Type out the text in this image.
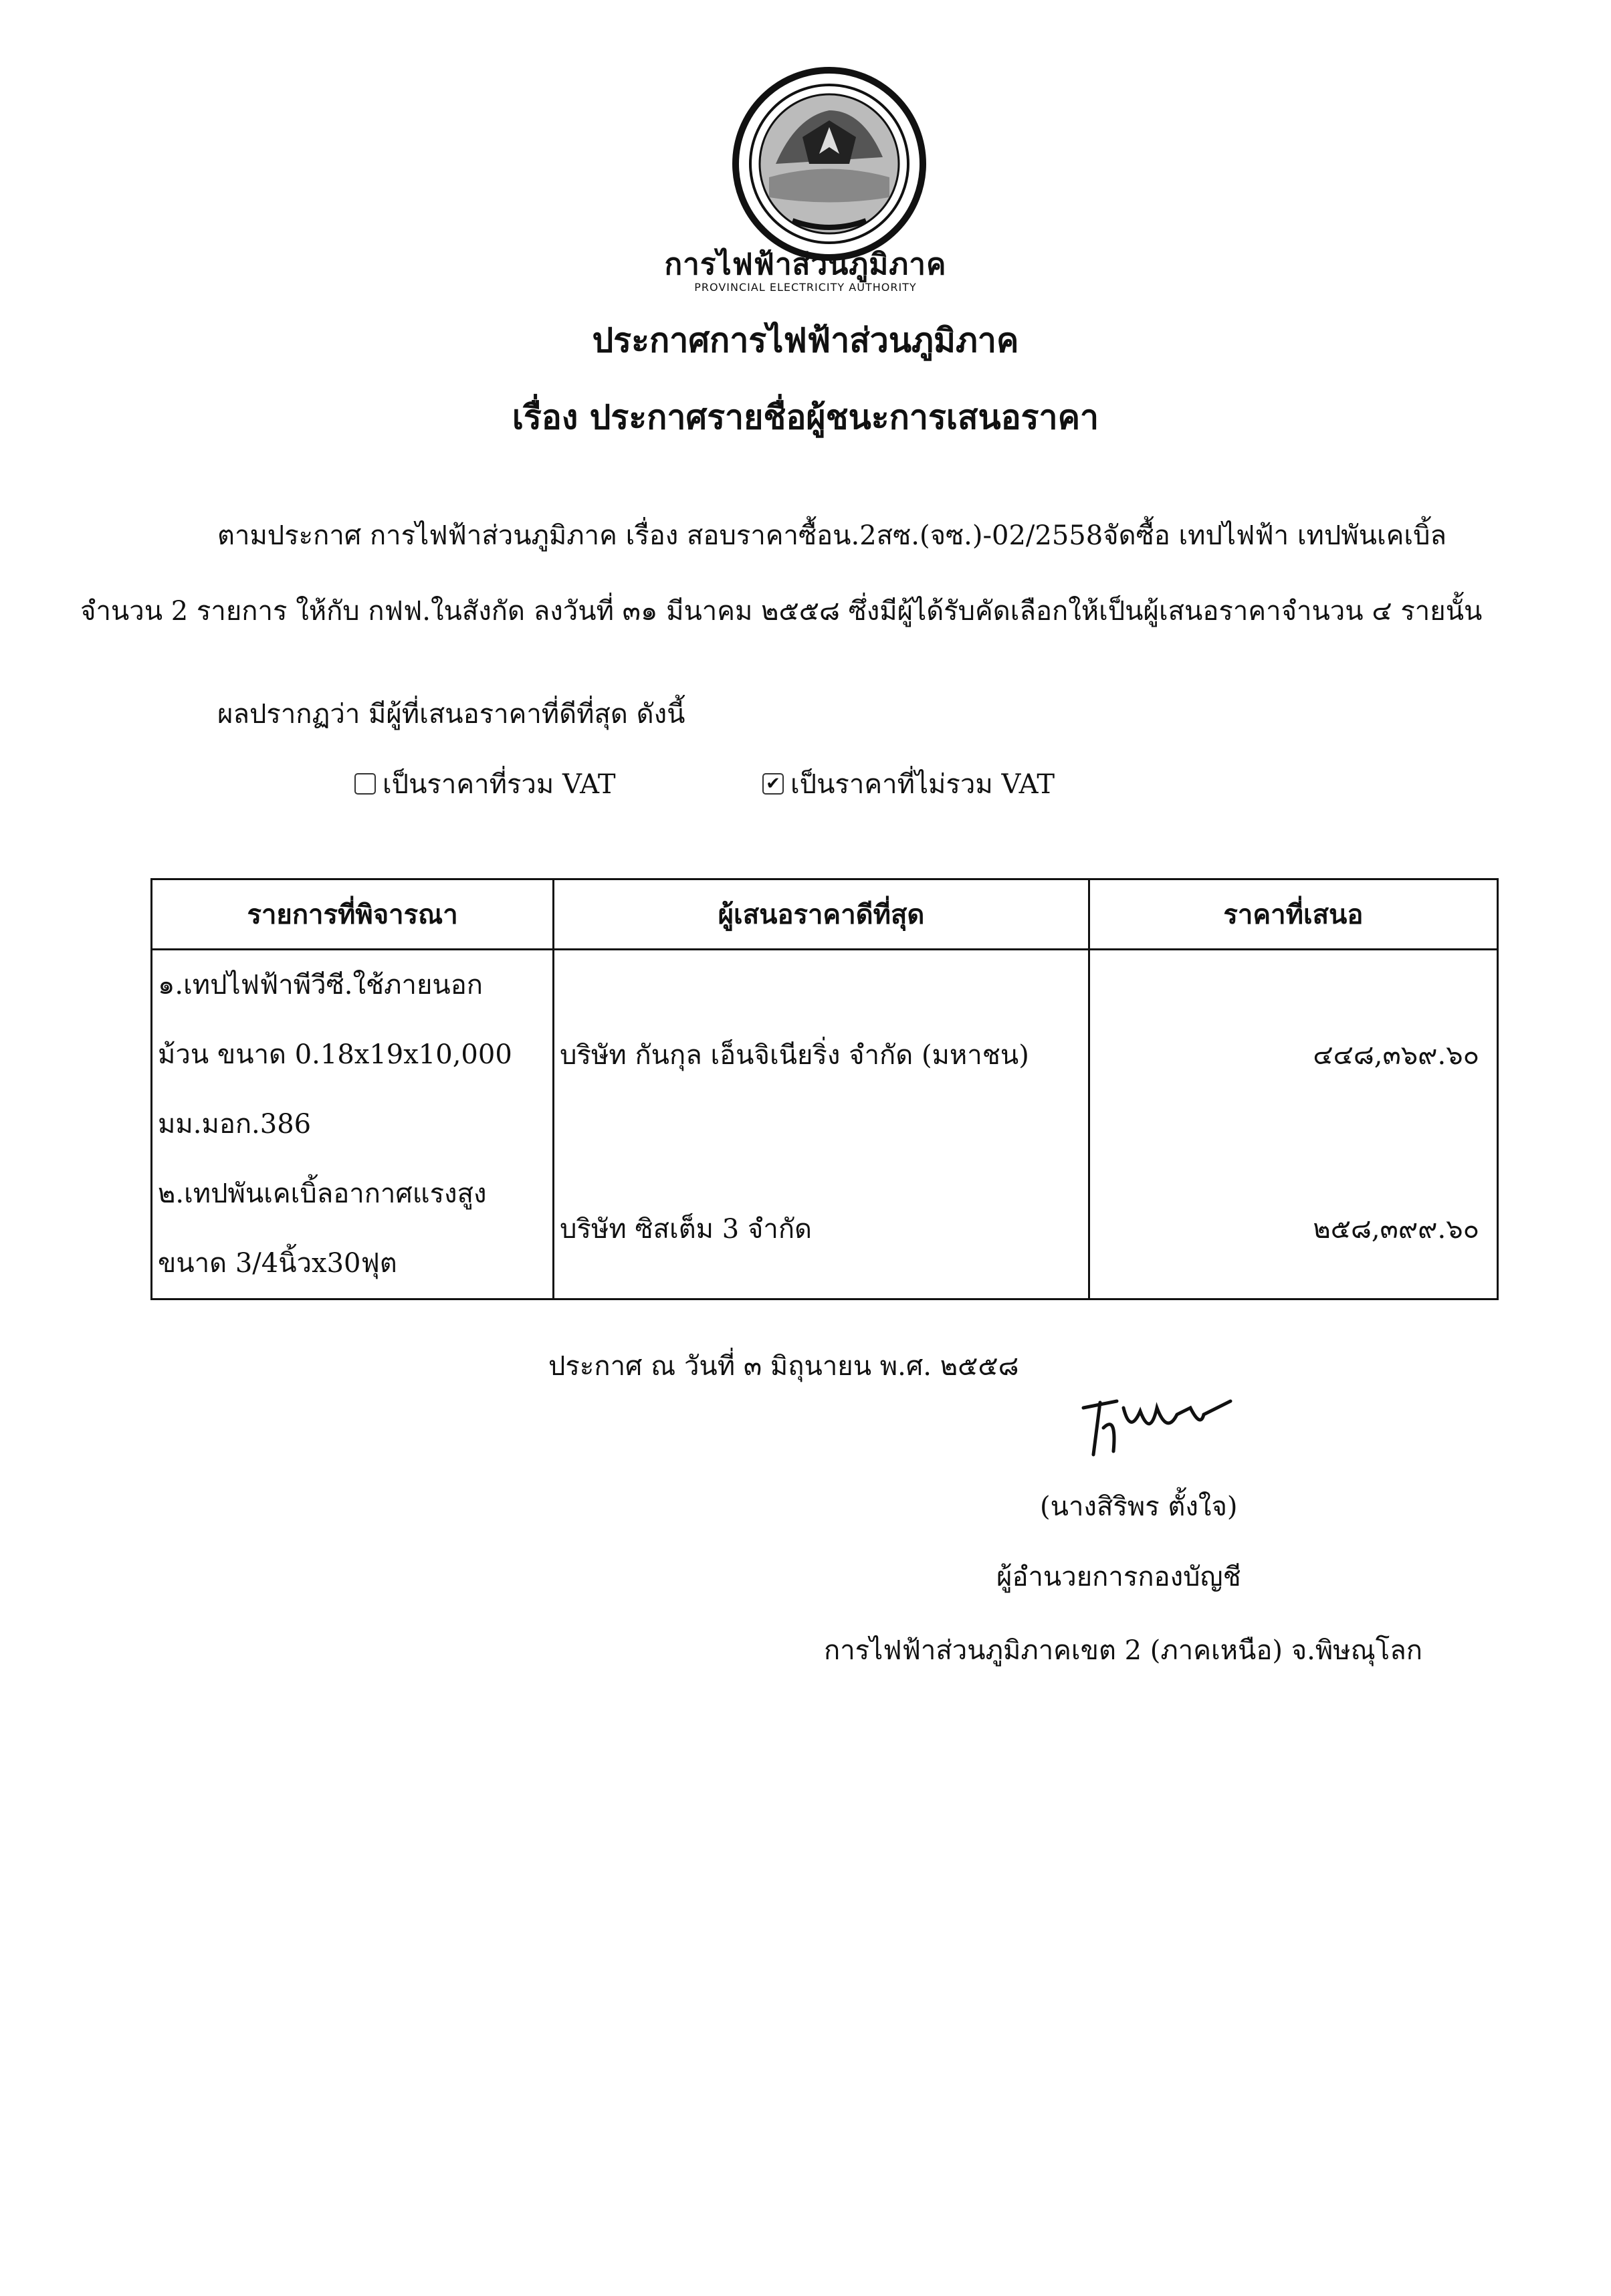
การไฟฟ้าส่วนภูมิภาค
PROVINCIAL ELECTRICITY AUTHORITY
ประกาศการไฟฟ้าส่วนภูมิภาค
เรื่อง ประกาศรายชื่อผู้ชนะการเสนอราคา
ตามประกาศ การไฟฟ้าส่วนภูมิภาค เรื่อง สอบราคาซื้อน.2สซ.(จซ.)-02/2558จัดซื้อ เทปไฟฟ้า เทปพันเคเบิ้ล จำนวน 2 รายการ ให้กับ กฟฟ.ในสังกัด ลงวันที่ ๓๑ มีนาคม ๒๕๕๘ ซึ่งมีผู้ได้รับคัดเลือกให้เป็นผู้เสนอราคาจำนวน ๔ รายนั้น
ผลปรากฏว่า มีผู้ที่เสนอราคาที่ดีที่สุด ดังนี้
เป็นราคาที่รวม VAT	✔ เป็นราคาที่ไม่รวม VAT
รายการที่พิจารณา	ผู้เสนอราคาดีที่สุด	ราคาที่เสนอ

๑.เทปไฟฟ้าพีวีซี.ใช้ภายนอก
ม้วน ขนาด 0.18x19x10,000
มม.มอก.386	บริษัท กันกุล เอ็นจิเนียริ่ง จำกัด (มหาชน)	๔๔๘,๓๖๙.๖๐

๒.เทปพันเคเบิ้ลอากาศแรงสูง
ขนาด 3/4นิ้วx30ฟุต	บริษัท ซิสเต็ม 3 จำกัด	๒๕๘,๓๙๙.๖๐
ประกาศ ณ วันที่ ๓ มิถุนายน พ.ศ. ๒๕๕๘
(นางสิริพร ตั้งใจ)
ผู้อำนวยการกองบัญชี
การไฟฟ้าส่วนภูมิภาคเขต 2 (ภาคเหนือ) จ.พิษณุโลก
